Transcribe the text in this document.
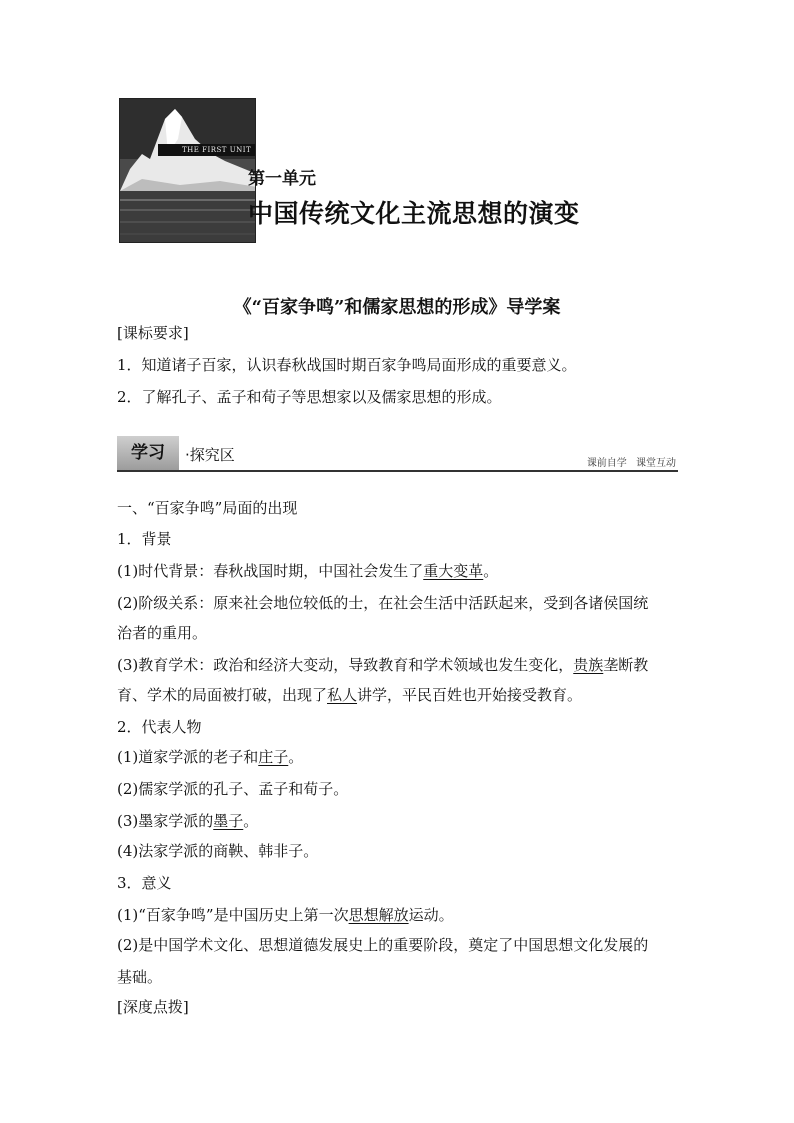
THE FIRST UNIT
第一单元
中国传统文化主流思想的演变
《“百家争鸣”和儒家思想的形成》导学案
[课标要求]
1．知道诸子百家，认识春秋战国时期百家争鸣局面形成的重要意义。
2．了解孔子、孟子和荀子等思想家以及儒家思想的形成。
学习	·探究区	课前自学 课堂互动
一、“百家争鸣”局面的出现
1．背景
(1)时代背景：春秋战国时期，中国社会发生了重大变革。
(2)阶级关系：原来社会地位较低的士，在社会生活中活跃起来，受到各诸侯国统
治者的重用。
(3)教育学术：政治和经济大变动，导致教育和学术领域也发生变化，贵族垄断教
育、学术的局面被打破，出现了私人讲学，平民百姓也开始接受教育。
2．代表人物
(1)道家学派的老子和庄子。
(2)儒家学派的孔子、孟子和荀子。
(3)墨家学派的墨子。
(4)法家学派的商鞅、韩非子。
3．意义
(1)“百家争鸣”是中国历史上第一次思想解放运动。
(2)是中国学术文化、思想道德发展史上的重要阶段，奠定了中国思想文化发展的
基础。
[深度点拨]
